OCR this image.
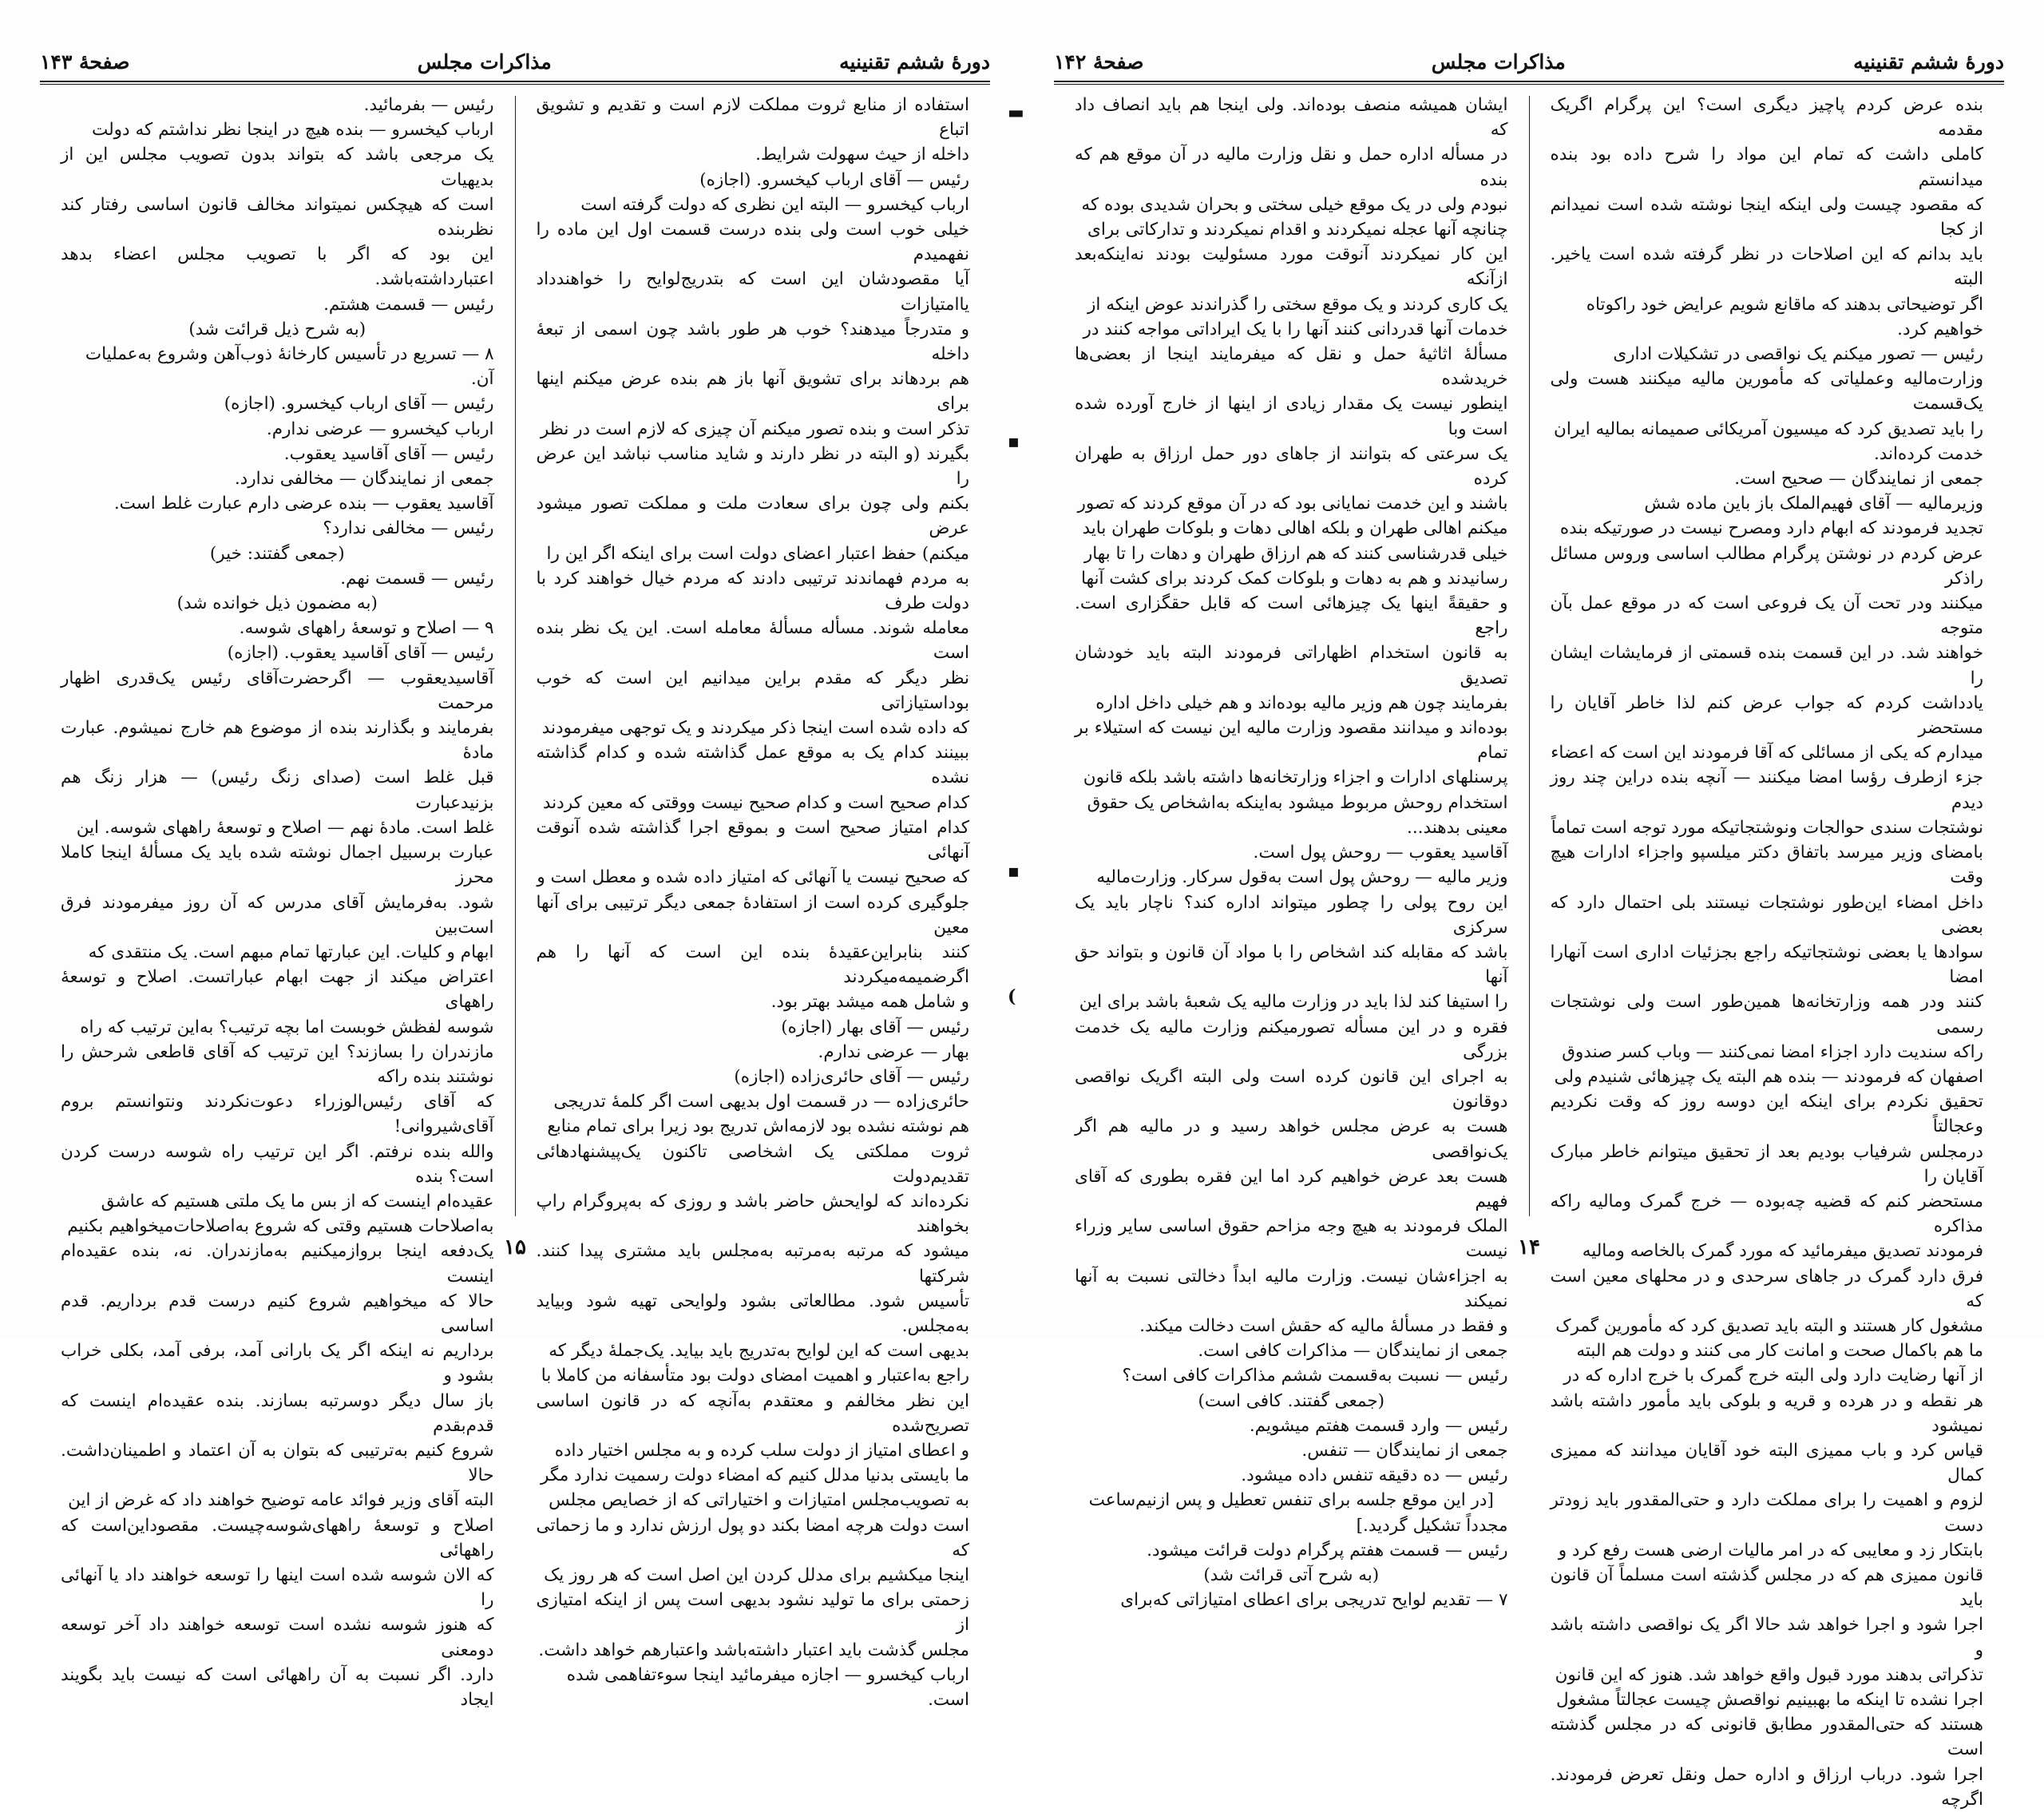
دورهٔ ششم تقنینیه
مذاکرات مجلس
صفحهٔ ۱۴۳

استفاده از منابع ثروت مملکت لازم است و تقدیم و تشویق اتباع

داخله از حیث سهولت شرایط.

رئیس — آقای ارباب کیخسرو. (اجازه)

ارباب کیخسرو — البته این نظری که دولت گرفته است

خیلی خوب است ولی بنده درست قسمت اول این ماده را نفهمیدم

آیا مقصودشان این است که بتدریج‌لوایح را خواهندداد یاامتیازات

و متدرجاً میدهند؟ خوب هر طور باشد چون اسمی از تبعهٔ داخله

هم بردهاند برای تشویق آنها باز هم بنده عرض میکنم اینها برای

تذکر است و بنده تصور میکنم آن چیزی که لازم است در نظر

بگیرند (و البته در نظر دارند و شاید مناسب نباشد این عرض را

بکنم ولی چون برای سعادت ملت و مملکت تصور میشود عرض

میکنم) حفظ اعتبار اعضای دولت است برای اینکه اگر این را

به مردم فهماندند ترتیبی دادند که مردم خیال خواهند کرد با دولت طرف

معامله شوند. مسأله مسألهٔ معامله است. این یک نظر بنده است

نظر دیگر که مقدم براین میدانیم این است که خوب بوداستیازاتی

که داده شده است اینجا ذکر میکردند و یک توجهی میفرمودند

ببینند کدام یک به موقع عمل گذاشته شده و کدام گذاشته نشده

کدام صحیح است و کدام صحیح نیست ووقتی که معین کردند

کدام امتیاز صحیح است و بموقع اجرا گذاشته شده آنوقت آنهائی

که صحیح نیست یا آنهائی که امتیاز داده شده و معطل است و

جلوگیری کرده است از استفادهٔ جمعی دیگر ترتیبی برای آنها معین

کنند بنابراین‌عقیدهٔ بنده این است که آنها را هم اگرضمیمه‌میکردند

و شامل همه میشد بهتر بود.

رئیس — آقای بهار (اجازه)

بهار — عرضی ندارم.

رئیس — آقای حائری‌زاده (اجازه)

حائری‌زاده — در قسمت اول بدیهی است اگر کلمهٔ تدریجی

هم نوشته نشده بود لازمه‌اش تدریج بود زیرا برای تمام منابع

ثروت مملکتی یک اشخاصی تاکنون یک‌پیشنهادهائی تقدیم‌دولت

نکرده‌اند که لوایحش حاضر باشد و روزی که به‌پروگرام راپ بخواهند

میشود که مرتبه به‌مرتبه به‌مجلس باید مشتری پیدا کنند. شرکتها

تأسیس شود. مطالعاتی بشود ولوایحی تهیه شود وبیاید به‌مجلس.

بدیهی است که این لوایح به‌تدریج باید بیاید. یک‌جملهٔ دیگر که

راجع به‌اعتبار و اهمیت امضای دولت بود متأسفانه من کاملا با

این نظر مخالفم و معتقدم به‌آنچه که در قانون اساسی تصریح‌شده

و اعطای امتیاز از دولت سلب کرده و به مجلس اختیار داده

ما بایستی بدنیا مدلل کنیم که امضاء دولت رسمیت ندارد مگر

به تصویب‌مجلس امتیازات و اختیاراتی که از خصایص مجلس

است دولت هرچه امضا بکند دو پول ارزش ندارد و ما زحماتی که

اینجا میکشیم برای مدلل کردن این اصل است که هر روز یک

زحمتی برای ما تولید نشود بدیهی است پس از اینکه امتیازی از

مجلس گذشت باید اعتبار داشته‌باشد واعتبارهم خواهد داشت.

ارباب کیخسرو — اجازه میفرمائید اینجا سوءتفاهمی شده

است.

رئیس — بفرمائید.

ارباب کیخسرو — بنده هیچ در اینجا نظر نداشتم که دولت

یک مرجعی باشد که بتواند بدون تصویب مجلس این از بدیهیات

است که هیچکس نمیتواند مخالف قانون اساسی رفتار کند نظربنده

این بود که اگر با تصویب مجلس اعضاء بدهد اعتبارداشته‌باشد.

رئیس — قسمت هشتم.

(به شرح ذیل قرائت شد)

۸ — تسریع در تأسیس کارخانهٔ ذوب‌آهن وشروع به‌عملیات

آن.

رئیس — آقای ارباب کیخسرو. (اجازه)

ارباب کیخسرو — عرضی ندارم.

رئیس — آقای آقاسید یعقوب.

جمعی از نمایندگان — مخالفی ندارد.

آقاسید یعقوب — بنده عرضی دارم عبارت غلط است.

رئیس — مخالفی ندارد؟

(جمعی گفتند: خیر)

رئیس — قسمت نهم.

(به مضمون ذیل خوانده شد)

۹ — اصلاح و توسعهٔ راههای شوسه.

رئیس — آقای آقاسید یعقوب. (اجازه)

آقاسیدیعقوب — اگرحضرت‌آقای رئیس یک‌قدری اظهار مرحمت

بفرمایند و بگذارند بنده از موضوع هم خارج نمیشوم. عبارت مادهٔ

قبل غلط است (صدای زنگ رئیس) — هزار زنگ هم بزنید‌عبارت

غلط است. مادهٔ نهم — اصلاح و توسعهٔ راههای شوسه. این

عبارت برسبیل اجمال نوشته شده باید یک مسألهٔ اینجا کاملا محرز

شود. به‌فرمایش آقای مدرس که آن روز میفرمودند فرق است‌بین

ابهام و کلیات. این عبارتها تمام مبهم است. یک منتقدی که

اعتراض میکند از جهت ابهام عباراتست. اصلاح و توسعهٔ راههای

شوسه لفظش خوبست اما بچه ترتیب؟ به‌این ترتیب که راه

مازندران را بسازند؟ این ترتیب که آقای قاطعی شرحش را نوشتند بنده راکه

که آقای رئیس‌الوزراء دعوت‌نکردند ونتوانستم بروم آقای‌شیروانی!

والله بنده نرفتم. اگر این ترتیب راه شوسه درست کردن است؟ بنده

عقیده‌ام اینست که از بس ما یک ملتی هستیم که عاشق

به‌اصلاحات هستیم وقتی که شروع به‌اصلاحات‌میخواهیم بکنیم

یک‌دفعه اینجا برواز‌میکنیم به‌مازندران. نه، بنده عقیده‌ام اینست

حالا که میخواهیم شروع کنیم درست قدم برداریم. قدم اساسی

برداریم نه اینکه اگر یک بارانی آمد، برفی آمد، بکلی خراب بشود و

باز سال دیگر دوسرتبه بسازند. بنده عقیده‌ام اینست که قدم‌بقدم

شروع کنیم به‌ترتیبی که بتوان به آن اعتماد و اطمینان‌داشت. حالا

البته آقای وزیر فوائد عامه توضیح خواهند داد که غرض از این

اصلاح و توسعهٔ راههای‌شوسه‌چیست. مقصوداین‌است که راههائی

که الان شوسه شده است اینها را توسعه خواهند داد یا آنهائی را

که هنوز شوسه نشده است توسعه خواهند داد آخر توسعه دومعنی

دارد. اگر نسبت به آن راههائی است که نیست باید بگویند ایجاد

۱۵
▬
▪
▪
(
دورهٔ ششم تقنینیه
مذاکرات مجلس
صفحهٔ ۱۴۲

بنده عرض کردم پاچیز دیگری است؟ این پرگرام اگریک مقدمه

کاملی داشت که تمام این مواد را شرح داده بود بنده میدانستم

که مقصود چیست ولی اینکه اینجا نوشته شده است نمیدانم از کجا

باید بدانم که این اصلاحات در نظر گرفته شده است یاخیر. البته

اگر توضیحاتی بدهند که ماقانع شویم عرایض خود راکوتاه

خواهیم کرد.

رئیس — تصور میکنم یک نواقصی در تشکیلات اداری

وزارت‌مالیه وعملیاتی که مأمورین مالیه میکنند هست ولی یک‌قسمت

را باید تصدیق کرد که میسیون آمریکائی صمیمانه بمالیه ایران

خدمت کرده‌اند.

جمعی از نمایندگان — صحیح است.

وزیرمالیه — آقای فهیم‌الملک باز باین ماده شش

تجدید فرمودند که ابهام دارد ومصرح نیست در صورتیکه بنده

عرض کردم در نوشتن پرگرام مطالب اساسی وروس مسائل راذکر

میکنند ودر تحت آن یک فروعی است که در موقع عمل بآن متوجه

خواهند شد. در این قسمت بنده قسمتی از فرمایشات ایشان را

یادداشت کردم که جواب عرض کنم لذا خاطر آقایان را مستحضر

میدارم که یکی از مسائلی که آقا فرمودند این است که اعضاء

جزء ازطرف رؤسا امضا میکنند — آنچه بنده دراین چند روز دیدم

نوشتجات سندی حوالجات ونوشتجاتیکه مورد توجه است تماماً

بامضای وزیر میرسد باتفاق دکتر میلسپو واجزاء ادارات هیچ وقت

داخل امضاء این‌طور نوشتجات نیستند بلی احتمال دارد که بعضی

سوادها یا بعضی نوشتجاتیکه راجع بجزئیات اداری است آنهارا امضا

کنند ودر همه وزارتخانه‌ها همین‌طور است ولی نوشتجات رسمی

راکه سندیت دارد اجزاء امضا نمی‌کنند — وباب کسر صندوق

اصفهان که فرمودند — بنده هم البته یک چیزهائی شنیدم ولی

تحقیق نکردم برای اینکه این دوسه روز که وقت نکردیم وعجالتاً

درمجلس شرفیاب بودیم بعد از تحقیق میتوانم خاطر مبارک آقایان را

مستحضر کنم که قضیه چه‌بوده — خرج گمرک ومالیه راکه‌ مذاکره

فرمودند تصدیق میفرمائید که مورد گمرک بالخاصه ومالیه

فرق دارد گمرک در جاهای سرحدی و در محلهای معین است که

مشغول کار هستند و البته باید تصدیق کرد که مأمورین گمرک

ما هم باکمال صحت و امانت کار می کنند و دولت هم البته

از آنها رضایت دارد ولی البته خرج گمرک با خرج اداره که در

هر نقطه و در هرده و قریه و بلوکی باید مأمور داشته باشد نمیشود

قیاس کرد و باب ممیزی البته خود آقایان میدانند که ممیزی کمال

لزوم و اهمیت را برای مملکت دارد و حتی‌المقدور باید زودتر دست

بابتکار زد و معایبی که در امر مالیات ارضی هست رفع کرد و

قانون ممیزی هم که در مجلس گذشته است مسلماً آن قانون باید

اجرا شود و اجرا خواهد شد حالا اگر یک نواقصی داشته باشد و

تذکراتی بدهند مورد قبول واقع خواهد شد. هنوز که این قانون

اجرا نشده تا اینکه ما بهبینیم نواقصش چیست عجالتاً مشغول

هستند که حتی‌المقدور مطابق قانونی که در مجلس گذشته است

اجرا شود. درباب ارزاق و اداره حمل ونقل تعرض فرمودند. اگرچه

ایشان همیشه منصف بوده‌اند. ولی اینجا هم باید انصاف داد که

در مسأله اداره حمل و نقل وزارت مالیه در آن موقع هم که بنده

نبودم ولی در یک موقع خیلی سختی و بحران شدیدی بوده که

چنانچه آنها عجله نمیکردند و اقدام نمیکردند و تدارکاتی برای

این کار نمیکردند آنوقت مورد مسئولیت بودند نه‌اینکه‌بعد ازآنکه

یک کاری کردند و یک موقع سختی را گذراندند عوض اینکه از

خدمات آنها قدردانی کنند آنها را با یک ایراداتی مواجه کنند در

مسألهٔ اثاثیهٔ حمل و نقل که میفرمایند اینجا از بعضی‌ها خریدشده

اینطور نیست یک مقدار زیادی از اینها از خارج آورده شده است وبا

یک سرعتی که بتوانند از جاهای دور حمل ارزاق به طهران کرده

باشند و این خدمت نمایانی بود که در آن موقع کردند که تصور

میکنم اهالی طهران و بلکه اهالی دهات و بلوکات طهران باید

خیلی قدرشناسی کنند که هم ارزاق طهران و دهات را تا بهار

رسانیدند و هم به دهات و بلوکات کمک کردند برای کشت آنها

و حقیقةً اینها یک چیزهائی است که قابل حقگزاری است. راجع

به قانون استخدام اظهاراتی فرمودند البته باید خودشان تصدیق

بفرمایند چون هم وزیر مالیه بوده‌اند و هم خیلی داخل اداره

بوده‌اند و میدانند مقصود وزارت مالیه این نیست که استیلاء بر تمام

پرسنلهای ادارات و اجزاء وزارتخانه‌ها داشته باشد بلکه قانون

استخدام روحش مربوط میشود به‌اینکه به‌اشخاص یک حقوق

معینی بدهند...

آقاسید یعقوب — روحش پول است.

وزیر مالیه — روحش پول است به‌قول سرکار. وزارت‌مالیه

این روح پولی را چطور میتواند اداره کند؟ ناچار باید یک سرکزی

باشد که مقابله کند اشخاص را با مواد آن قانون و بتواند حق آنها

را استیفا کند لذا باید در وزارت مالیه یک شعبهٔ باشد برای این

فقره و در این مسأله تصورمیکنم وزارت مالیه یک خدمت بزرگی

به اجرای این قانون کرده است ولی البته اگریک نواقصی دوقانون

هست به عرض مجلس خواهد رسید و در مالیه هم اگر یک‌نواقصی

هست بعد عرض خواهیم کرد اما این فقره بطوری که آقای فهیم

الملک فرمودند به هیچ وجه مزاحم حقوق اساسی سایر وزراء نیست

به اجزاءشان نیست. وزارت مالیه ابداً دخالتی نسبت به آنها نمیکند

و فقط در مسألهٔ مالیه که حقش است دخالت میکند.

جمعی از نمایندگان — مذاکرات کافی است.

رئیس — نسبت به‌قسمت ششم مذاکرات کافی است؟

(جمعی گفتند. کافی است)

رئیس — وارد قسمت هفتم میشویم.

جمعی از نمایندگان — تنفس.

رئیس — ده دقیقه تنفس داده میشود.

[در این موقع جلسه برای تنفس تعطیل و پس ازنیم‌ساعت

مجدداً تشکیل گردید.]

رئیس — قسمت هفتم پرگرام دولت قرائت میشود.

(به شرح آتی قرائت شد)

۷ — تقدیم لوایح تدریجی برای اعطای امتیازاتی که‌برای

۱۴
